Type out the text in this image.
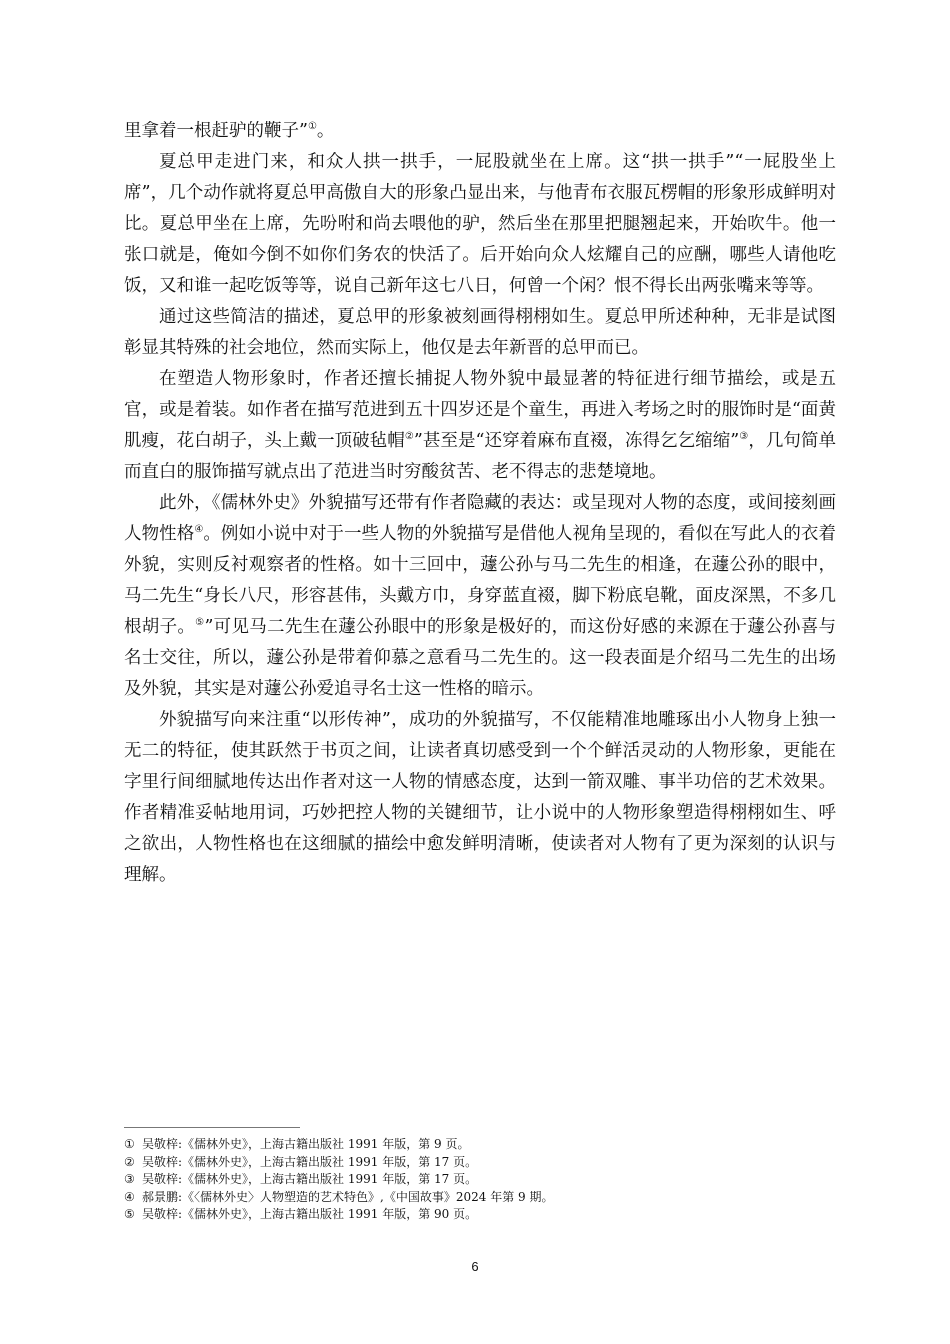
里拿着一根赶驴的鞭子”①。

夏总甲走进门来，和众人拱一拱手，一屁股就坐在上席。这“拱一拱手”“一屁股坐上席”，几个动作就将夏总甲高傲自大的形象凸显出来，与他青布衣服瓦楞帽的形象形成鲜明对比。夏总甲坐在上席，先吩咐和尚去喂他的驴，然后坐在那里把腿翘起来，开始吹牛。他一张口就是，俺如今倒不如你们务农的快活了。后开始向众人炫耀自己的应酬，哪些人请他吃饭，又和谁一起吃饭等等，说自己新年这七八日，何曾一个闲？恨不得长出两张嘴来等等。

通过这些简洁的描述，夏总甲的形象被刻画得栩栩如生。夏总甲所述种种，无非是试图彰显其特殊的社会地位，然而实际上，他仅是去年新晋的总甲而已。

在塑造人物形象时，作者还擅长捕捉人物外貌中最显著的特征进行细节描绘，或是五官，或是着装。如作者在描写范进到五十四岁还是个童生，再进入考场之时的服饰时是“面黄肌瘦，花白胡子，头上戴一顶破毡帽②”甚至是“还穿着麻布直裰，冻得乞乞缩缩”③，几句简单而直白的服饰描写就点出了范进当时穷酸贫苦、老不得志的悲楚境地。

此外，《儒林外史》外貌描写还带有作者隐藏的表达：或呈现对人物的态度，或间接刻画人物性格④。例如小说中对于一些人物的外貌描写是借他人视角呈现的，看似在写此人的衣着外貌，实则反衬观察者的性格。如十三回中，蘧公孙与马二先生的相逢，在蘧公孙的眼中，马二先生“身长八尺，形容甚伟，头戴方巾，身穿蓝直裰，脚下粉底皂靴，面皮深黑，不多几根胡子。⑤”可见马二先生在蘧公孙眼中的形象是极好的，而这份好感的来源在于蘧公孙喜与名士交往，所以，蘧公孙是带着仰慕之意看马二先生的。这一段表面是介绍马二先生的出场及外貌，其实是对蘧公孙爱追寻名士这一性格的暗示。

外貌描写向来注重“以形传神”，成功的外貌描写，不仅能精准地雕琢出小人物身上独一无二的特征，使其跃然于书页之间，让读者真切感受到一个个鲜活灵动的人物形象，更能在字里行间细腻地传达出作者对这一人物的情感态度，达到一箭双雕、事半功倍的艺术效果。作者精准妥帖地用词，巧妙把控人物的关键细节，让小说中的人物形象塑造得栩栩如生、呼之欲出，人物性格也在这细腻的描绘中愈发鲜明清晰，使读者对人物有了更为深刻的认识与理解。

① 吴敬梓:《儒林外史》，上海古籍出版社 1991 年版，第 9 页。
② 吴敬梓:《儒林外史》，上海古籍出版社 1991 年版，第 17 页。
③ 吴敬梓:《儒林外史》，上海古籍出版社 1991 年版，第 17 页。
④ 郝景鹏:《〈儒林外史〉人物塑造的艺术特色》,《中国故事》2024 年第 9 期。
⑤ 吴敬梓:《儒林外史》，上海古籍出版社 1991 年版，第 90 页。
6
